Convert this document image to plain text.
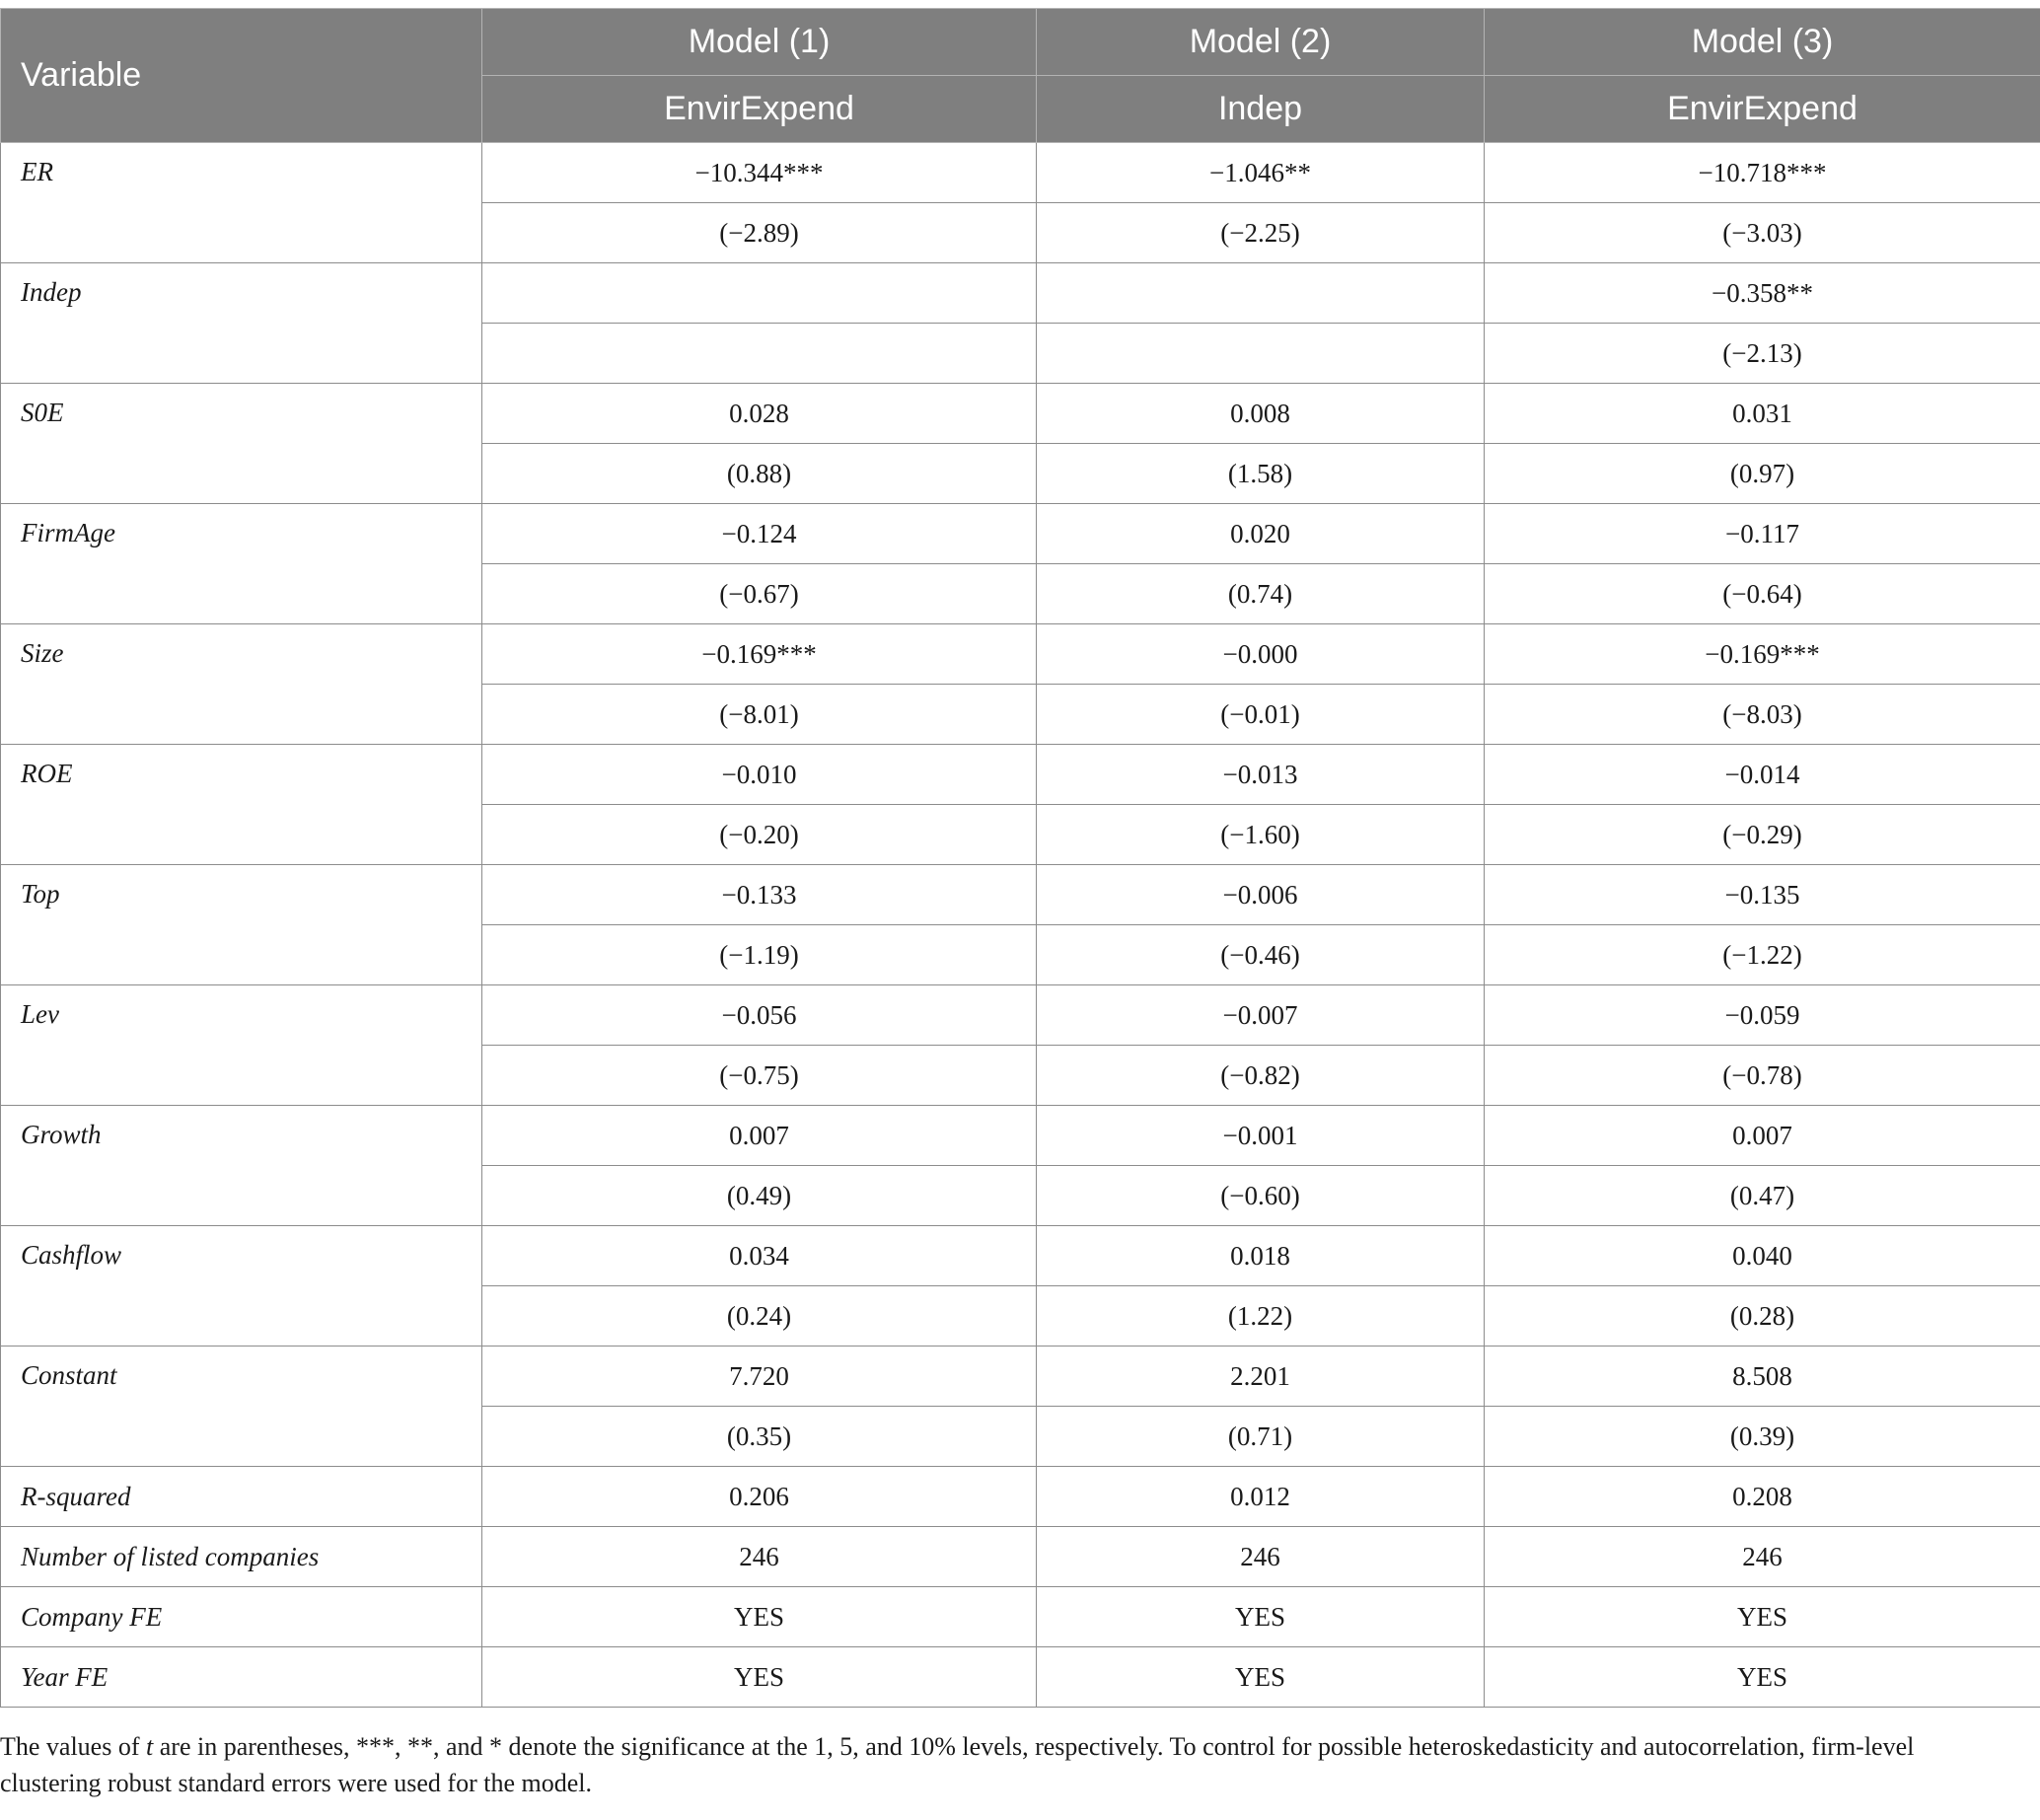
Variable	Model (1)	Model (2)	Model (3)
	EnvirExpend	Indep	EnvirExpend
ER	−10.344***	−1.046**	−10.718***
	(−2.89)	(−2.25)	(−3.03)
Indep			−0.358**
			(−2.13)
S0E	0.028	0.008	0.031
	(0.88)	(1.58)	(0.97)
FirmAge	−0.124	0.020	−0.117
	(−0.67)	(0.74)	(−0.64)
Size	−0.169***	−0.000	−0.169***
	(−8.01)	(−0.01)	(−8.03)
ROE	−0.010	−0.013	−0.014
	(−0.20)	(−1.60)	(−0.29)
Top	−0.133	−0.006	−0.135
	(−1.19)	(−0.46)	(−1.22)
Lev	−0.056	−0.007	−0.059
	(−0.75)	(−0.82)	(−0.78)
Growth	0.007	−0.001	0.007
	(0.49)	(−0.60)	(0.47)
Cashflow	0.034	0.018	0.040
	(0.24)	(1.22)	(0.28)
Constant	7.720	2.201	8.508
	(0.35)	(0.71)	(0.39)
R-squared	0.206	0.012	0.208
Number of listed companies	246	246	246
Company FE	YES	YES	YES
Year FE	YES	YES	YES
The values of t are in parentheses, ***, **, and * denote the significance at the 1, 5, and 10% levels, respectively. To control for possible heteroskedasticity and autocorrelation, firm-level clustering robust standard errors were used for the model.
